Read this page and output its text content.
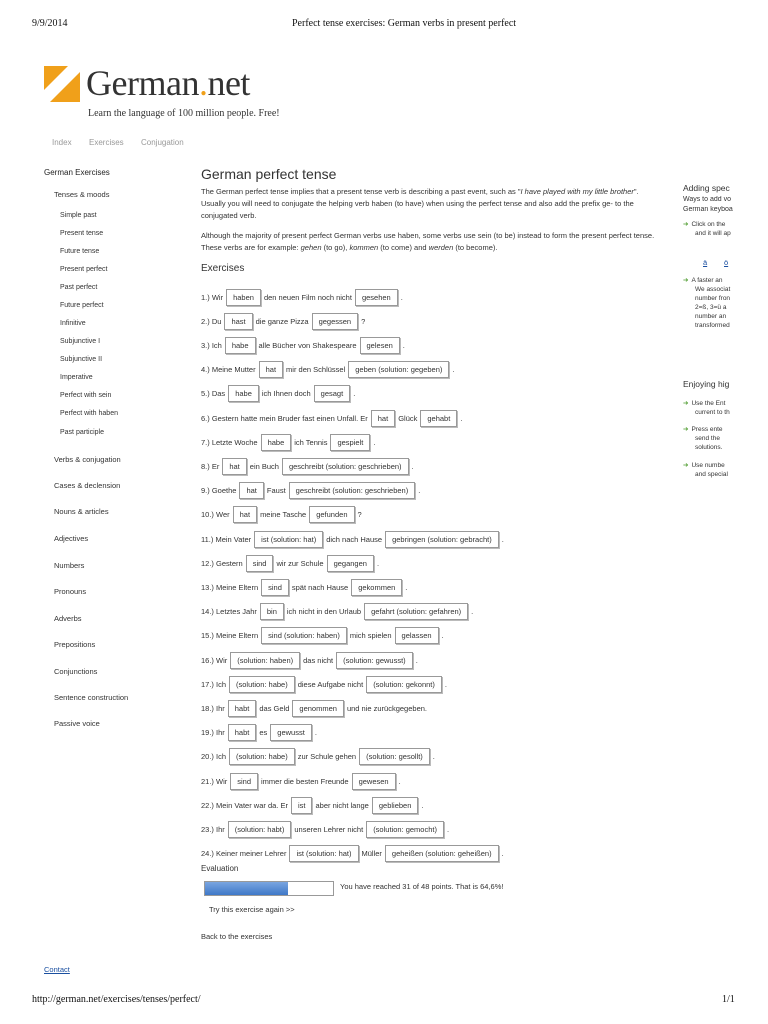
9/9/2014	Perfect tense exercises: German verbs in present perfect
http://german.net/exercises/tenses/perfect/	1/1
German.net
Learn the language of 100 million people. Free!
Index Exercises Conjugation
German Exercises
Tenses & moods
Simple past
Present tense
Future tense
Present perfect
Past perfect
Future perfect
Infinitive
Subjunctive I
Subjunctive II
Imperative
Perfect with sein
Perfect with haben
Past participle
Verbs & conjugation
Cases & declension
Nouns & articles
Adjectives
Numbers
Pronouns
Adverbs
Prepositions
Conjunctions
Sentence construction
Passive voice
German perfect tense
The German perfect tense implies that a present tense verb is describing a past event, such as "I have played with my little brother". Usually you will need to conjugate the helping verb haben (to have) when using the perfect tense and also add the prefix ge- to the conjugated verb.
Although the majority of present perfect German verbs use haben, some verbs use sein (to be) instead to form the present perfect tense. These verbs are for example: gehen (to go), kommen (to come) and werden (to become).
Exercises
1.) Wir	haben	den neuen Film noch nicht	gesehen	.
2.) Du	hast	die ganze Pizza	gegessen	?
3.) Ich	habe	alle Bücher von Shakespeare	gelesen	.
4.) Meine Mutter	hat	mir den Schlüssel	geben (solution: gegeben)	.
5.) Das	habe	ich Ihnen doch	gesagt	.
6.) Gestern hatte mein Bruder fast einen Unfall. Er	hat	Glück	gehabt	.
7.) Letzte Woche	habe	ich Tennis	gespielt	.
8.) Er	hat	ein Buch	geschreibt (solution: geschrieben)	.
9.) Goethe	hat	Faust	geschreibt (solution: geschrieben)	.
10.) Wer	hat	meine Tasche	gefunden	?
11.) Mein Vater	ist (solution: hat)	dich nach Hause	gebringen (solution: gebracht)	.
12.) Gestern	sind	wir zur Schule	gegangen	.
13.) Meine Eltern	sind	spät nach Hause	gekommen	.
14.) Letztes Jahr	bin	ich nicht in den Urlaub	gefahrt (solution: gefahren)	.
15.) Meine Eltern	sind (solution: haben)	mich spielen	gelassen	.
16.) Wir	(solution: haben)	das nicht	(solution: gewusst)	.
17.) Ich	(solution: habe)	diese Aufgabe nicht	(solution: gekonnt)	.
18.) Ihr	habt	das Geld	genommen	und nie zurückgegeben.
19.) Ihr	habt	es	gewusst	.
20.) Ich	(solution: habe)	zur Schule gehen	(solution: gesollt)	.
21.) Wir	sind	immer die besten Freunde	gewesen	.
22.) Mein Vater war da. Er	ist	aber nicht lange	geblieben	.
23.) Ihr	(solution: habt)	unseren Lehrer nicht	(solution: gemocht)	.
24.) Keiner meiner Lehrer	ist (solution: hat)	Müller	geheißen (solution: geheißen)	.
Evaluation
You have reached 31 of 48 points. That is 64,6%!
Try this exercise again >>
Back to the exercises
Contact
Adding spec
Ways to add vo
German keyboa
➔ Click on the
and it will ap
ä ö
➔ A faster an
We associat
number fron
2=ß, 3=ü a
number an
transformed
Enjoying hig
➔ Use the Ent
current to th
➔ Press ente
send the
solutions.
➔ Use numbe
and special
